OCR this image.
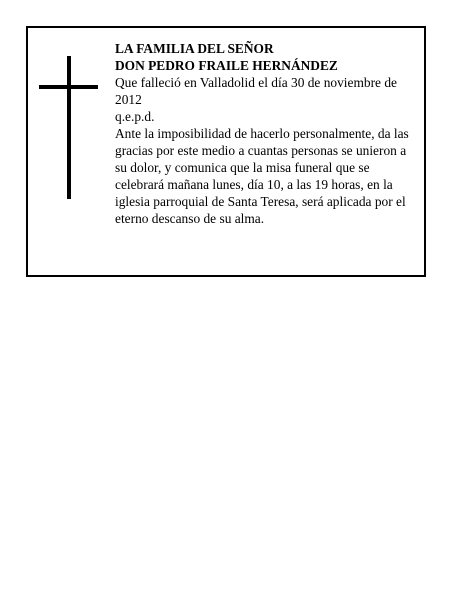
LA FAMILIA DEL SEÑOR
DON PEDRO FRAILE HERNÁNDEZ

Que falleció en Valladolid el día 30 de noviembre de 2012

q.e.p.d.

Ante la imposibilidad de hacerlo personalmente, da las gracias por este medio a cuantas personas se unieron a su dolor, y comunica que la misa funeral que se celebrará mañana lunes, día 10, a las 19 horas, en la iglesia parroquial de Santa Teresa, será aplicada por el eterno descanso de su alma.
